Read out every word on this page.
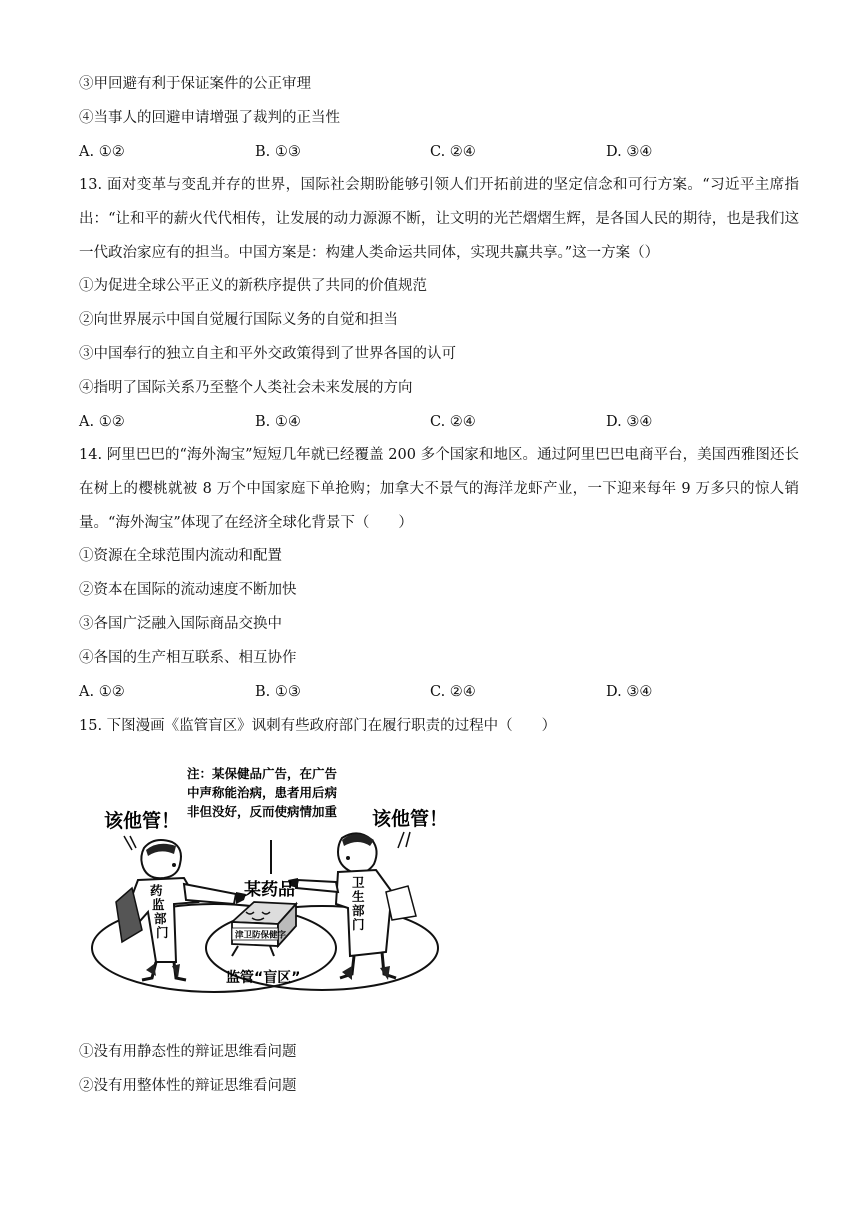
③甲回避有利于保证案件的公正审理
④当事人的回避申请增强了裁判的正当性
A. ①②	B. ①③	C. ②④	D. ③④
13. 面对变革与变乱并存的世界，国际社会期盼能够引领人们开拓前进的坚定信念和可行方案。“习近平主席指出：“让和平的薪火代代相传，让发展的动力源源不断，让文明的光芒熠熠生辉，是各国人民的期待，也是我们这一代政治家应有的担当。中国方案是：构建人类命运共同体，实现共赢共享。”这一方案（）
①为促进全球公平正义的新秩序提供了共同的价值规范
②向世界展示中国自觉履行国际义务的自觉和担当
③中国奉行的独立自主和平外交政策得到了世界各国的认可
④指明了国际关系乃至整个人类社会未来发展的方向
A. ①②	B. ①④	C. ②④	D. ③④
14. 阿里巴巴的“海外淘宝”短短几年就已经覆盖 200 多个国家和地区。通过阿里巴巴电商平台，美国西雅图还长在树上的樱桃就被 8 万个中国家庭下单抢购；加拿大不景气的海洋龙虾产业，一下迎来每年 9 万多只的惊人销量。“海外淘宝”体现了在经济全球化背景下（　　）
①资源在全球范围内流动和配置
②资本在国际的流动速度不断加快
③各国广泛融入国际商品交换中
④各国的生产相互联系、相互协作
A. ①②	B. ①③	C. ②④	D. ③④
15. 下图漫画《监管盲区》讽刺有些政府部门在履行职责的过程中（　　）
注：某保健品广告，在广告
中声称能治病，患者用后病
非但没好，反而使病情加重
该他管！	该他管！
药
监
部
门
卫
生
部
门
某药品
津卫防保健字
监管“盲区”
①没有用静态性的辩证思维看问题
②没有用整体性的辩证思维看问题
